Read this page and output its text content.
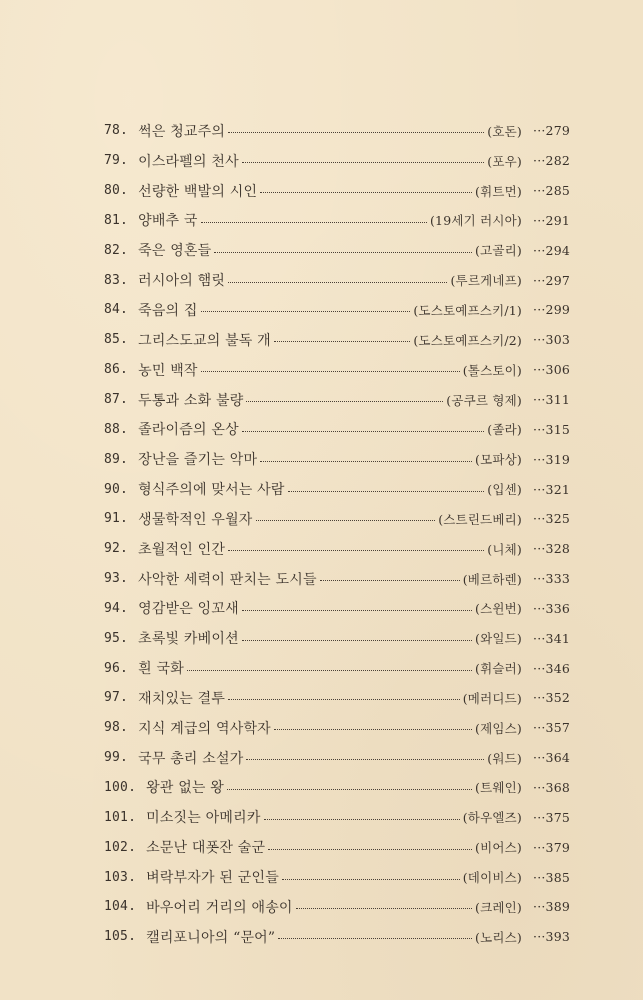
78. 썩은 청교주의	(호돈) ···279
79. 이스라펠의 천사	(포우) ···282
80. 선량한 백발의 시인	(휘트먼) ···285
81. 양배추 국	(19세기 러시아) ···291
82. 죽은 영혼들	(고골리) ···294
83. 러시아의 햄릿	(투르게네프) ···297
84. 죽음의 집	(도스토예프스키/1) ···299
85. 그리스도교의 불독 개	(도스토예프스키/2) ···303
86. 농민 백작	(톨스토이) ···306
87. 두통과 소화 불량	(공쿠르 형제) ···311
88. 졸라이즘의 온상	(졸라) ···315
89. 장난을 즐기는 악마	(모파상) ···319
90. 형식주의에 맞서는 사람	(입센) ···321
91. 생물학적인 우월자	(스트린드베리) ···325
92. 초월적인 인간	(니체) ···328
93. 사악한 세력이 판치는 도시들	(베르하렌) ···333
94. 영감받은 잉꼬새	(스윈번) ···336
95. 초록빛 카베이션	(와일드) ···341
96. 흰 국화	(휘슬러) ···346
97. 재치있는 결투	(메러디드) ···352
98. 지식 계급의 역사학자	(제임스) ···357
99. 국무 총리 소설가	(워드) ···364
100. 왕관 없는 왕	(트웨인) ···368
101. 미소짓는 아메리카	(하우엘즈) ···375
102. 소문난 대폿잔 술군	(비어스) ···379
103. 벼락부자가 된 군인들	(데이비스) ···385
104. 바우어리 거리의 애송이	(크레인) ···389
105. 캘리포니아의 “문어”	(노리스) ···393
